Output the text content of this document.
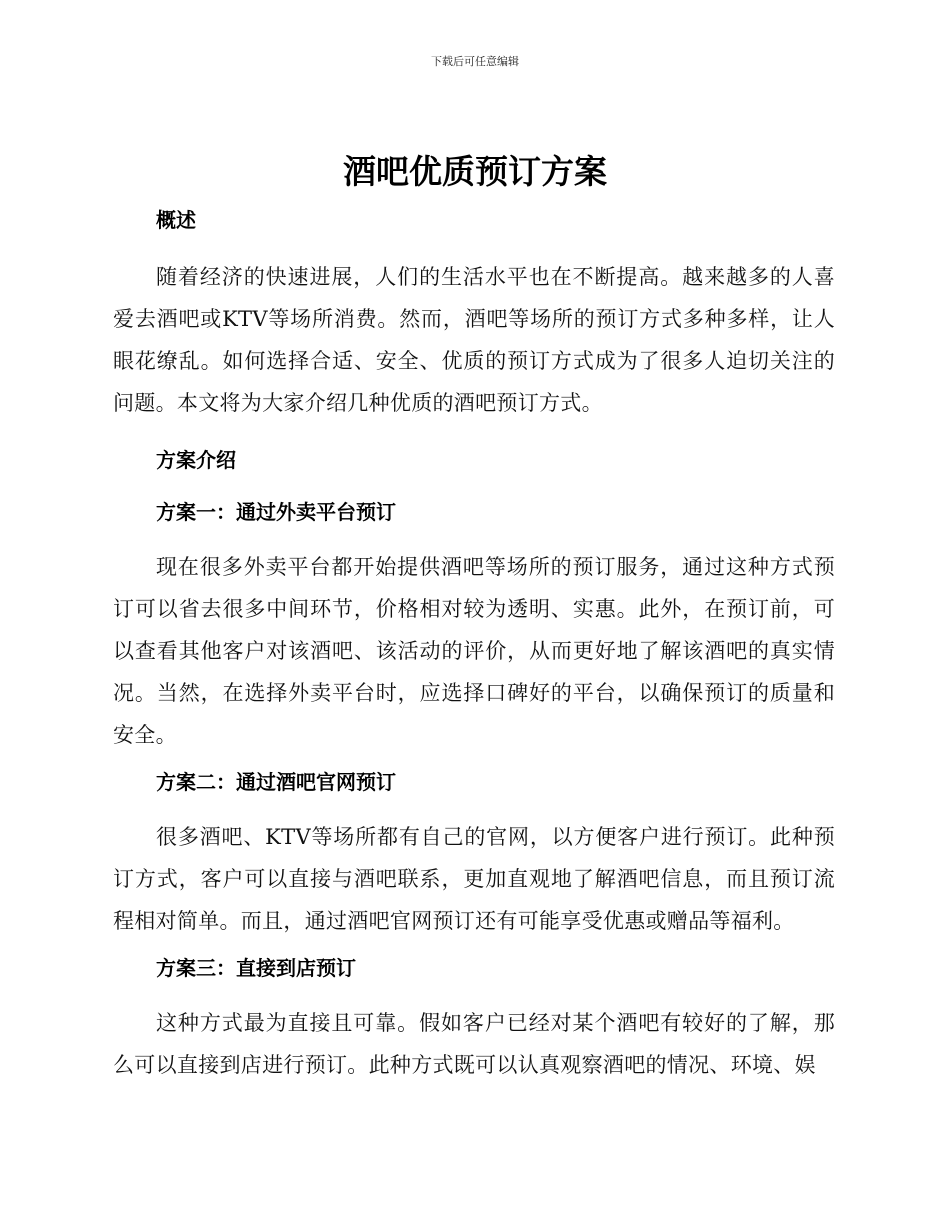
下载后可任意编辑
酒吧优质预订方案
概述

随着经济的快速进展，人们的生活水平也在不断提高。越来越多的人喜爱去酒吧或KTV等场所消费。然而，酒吧等场所的预订方式多种多样，让人眼花缭乱。如何选择合适、安全、优质的预订方式成为了很多人迫切关注的问题。本文将为大家介绍几种优质的酒吧预订方式。

方案介绍
方案一：通过外卖平台预订

现在很多外卖平台都开始提供酒吧等场所的预订服务，通过这种方式预订可以省去很多中间环节，价格相对较为透明、实惠。此外，在预订前，可以查看其他客户对该酒吧、该活动的评价，从而更好地了解该酒吧的真实情况。当然，在选择外卖平台时，应选择口碑好的平台，以确保预订的质量和安全。

方案二：通过酒吧官网预订

很多酒吧、KTV等场所都有自己的官网，以方便客户进行预订。此种预订方式，客户可以直接与酒吧联系，更加直观地了解酒吧信息，而且预订流程相对简单。而且，通过酒吧官网预订还有可能享受优惠或赠品等福利。

方案三：直接到店预订

这种方式最为直接且可靠。假如客户已经对某个酒吧有较好的了解，那么可以直接到店进行预订。此种方式既可以认真观察酒吧的情况、环境、娱
